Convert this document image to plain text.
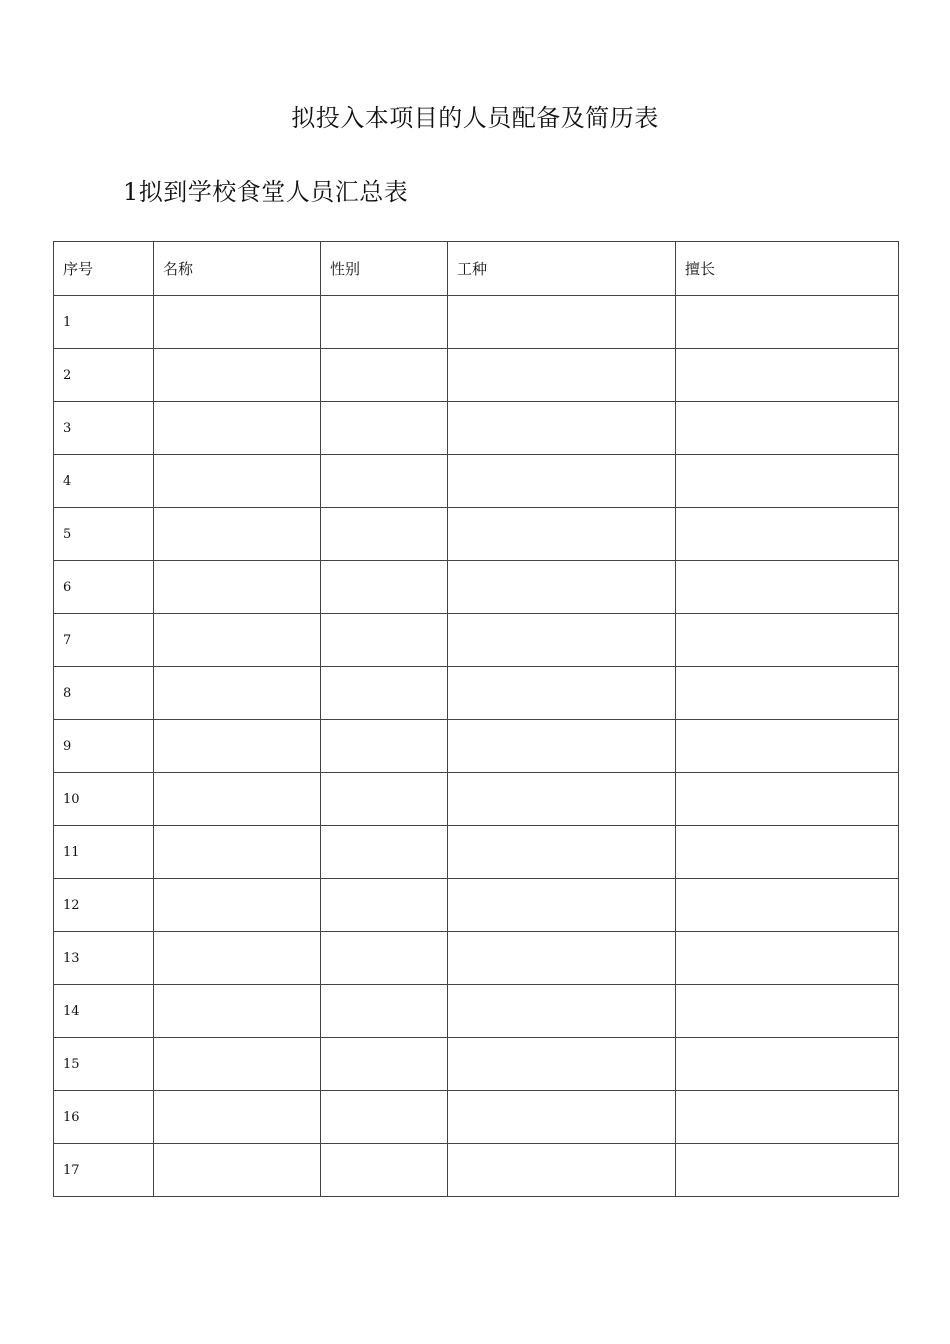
拟投入本项目的人员配备及简历表
1拟到学校食堂人员汇总表
序号	名称	性别	工种	擅长
1				
2				
3				
4				
5				
6				
7				
8				
9				
10				
11				
12				
13				
14				
15				
16				
17				
